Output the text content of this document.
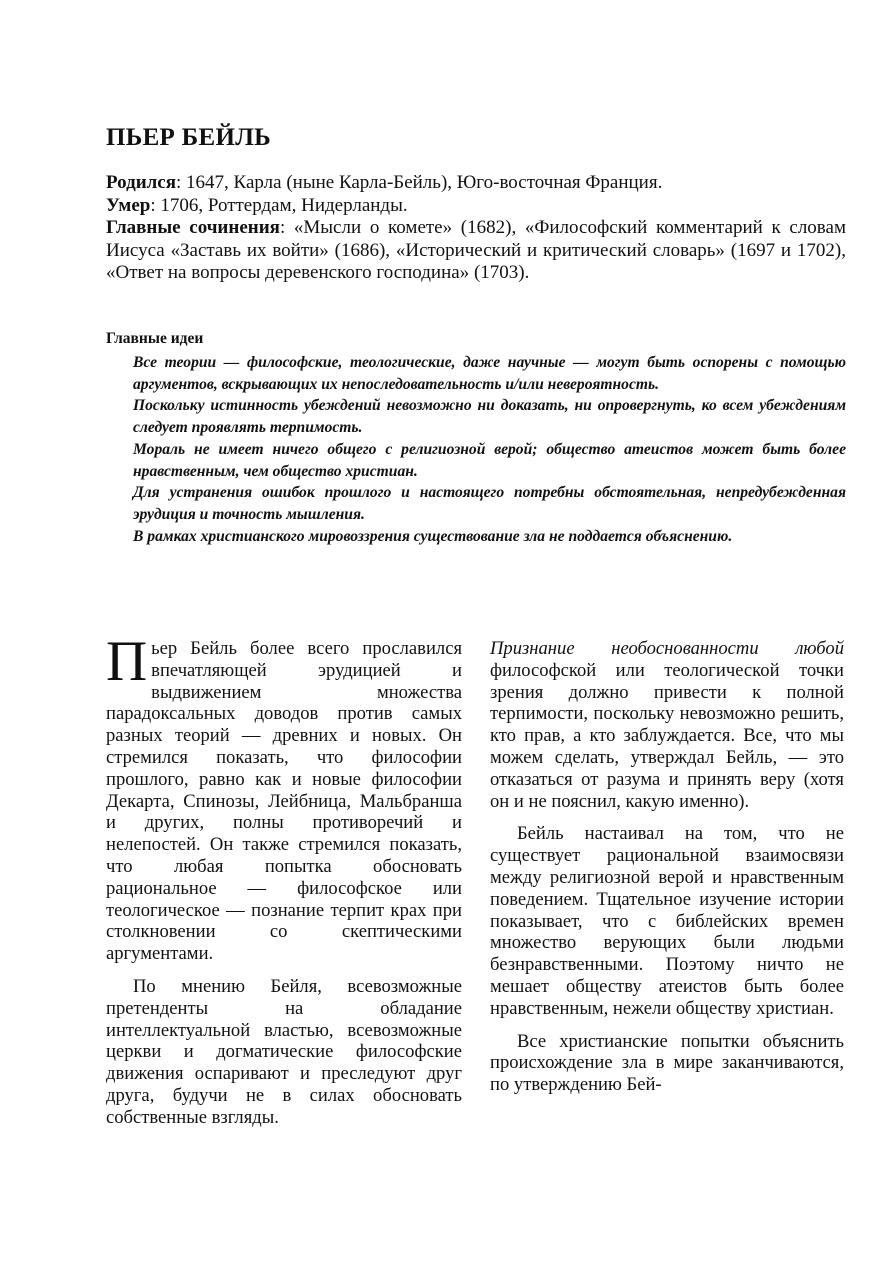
ПЬЕР БЕЙЛЬ

Родился: 1647, Карла (ныне Карла-Бейль), Юго-восточная Франция.

Умер: 1706, Роттердам, Нидерланды.

Главные сочинения: «Мысли о комете» (1682), «Философский комментарий к словам Иисуса «Заставь их войти» (1686), «Исторический и критический словарь» (1697 и 1702), «Ответ на вопросы деревенского господина» (1703).

Главные идеи

Все теории — философские, теологические, даже научные — могут быть оспорены с помощью аргументов, вскрывающих их непоследовательность и/или невероятность.

Поскольку истинность убеждений невозможно ни доказать, ни опровергнуть, ко всем убеждениям следует проявлять терпимость.

Мораль не имеет ничего общего с религиозной верой; общество атеистов может быть более нравственным, чем общество христиан.

Для устранения ошибок прошлого и настоящего потребны обстоятельная, непредубежденная эрудиция и точность мышления.

В рамках христианского мировоззрения существование зла не поддается объяснению.

Пьер Бейль более всего прославился впечатляющей эрудицией и выдвижением множества парадоксальных доводов против самых разных теорий — древних и новых. Он стремился показать, что философии прошлого, равно как и новые философии Декарта, Спинозы, Лейбница, Мальбранша и других, полны противоречий и нелепостей. Он также стремился показать, что любая попытка обосновать рациональное — философское или теологическое — познание терпит крах при столкновении со скептическими аргументами.

По мнению Бейля, всевозможные претенденты на обладание интеллектуальной властью, всевозможные церкви и догматические философские движения оспаривают и преследуют друг друга, будучи не в силах обосновать собственные взгляды.

Признание необоснованности любой философской или теологической точки зрения должно привести к полной терпимости, поскольку невозможно решить, кто прав, а кто заблуждается. Все, что мы можем сделать, утверждал Бейль, — это отказаться от разума и принять веру (хотя он и не пояснил, какую именно).

Бейль настаивал на том, что не существует рациональной взаимосвязи между религиозной верой и нравственным поведением. Тщательное изучение истории показывает, что с библейских времен множество верующих были людьми безнравственными. Поэтому ничто не мешает обществу атеистов быть более нравственным, нежели обществу христиан.

Все христианские попытки объяснить происхождение зла в мире заканчиваются, по утверждению Бей-
